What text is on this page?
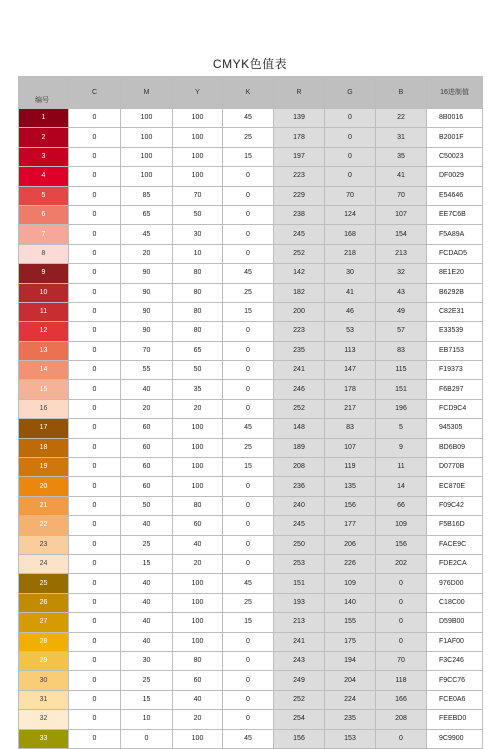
CMYK色值表
编号	C	M	Y	K	R	G	B	16进制值
1	0	100	100	45	139	0	22	8B0016
2	0	100	100	25	178	0	31	B2001F
3	0	100	100	15	197	0	35	C50023
4	0	100	100	0	223	0	41	DF0029
5	0	85	70	0	229	70	70	E54646
6	0	65	50	0	238	124	107	EE7C6B
7	0	45	30	0	245	168	154	F5A89A
8	0	20	10	0	252	218	213	FCDAD5
9	0	90	80	45	142	30	32	8E1E20
10	0	90	80	25	182	41	43	B6292B
11	0	90	80	15	200	46	49	C82E31
12	0	90	80	0	223	53	57	E33539
13	0	70	65	0	235	113	83	EB7153
14	0	55	50	0	241	147	115	F19373
15	0	40	35	0	246	178	151	F6B297
16	0	20	20	0	252	217	196	FCD9C4
17	0	60	100	45	148	83	5	945305
18	0	60	100	25	189	107	9	BD6B09
19	0	60	100	15	208	119	11	D0770B
20	0	60	100	0	236	135	14	EC870E
21	0	50	80	0	240	156	66	F09C42
22	0	40	60	0	245	177	109	F5B16D
23	0	25	40	0	250	206	156	FACE9C
24	0	15	20	0	253	226	202	FDE2CA
25	0	40	100	45	151	109	0	976D00
26	0	40	100	25	193	140	0	C18C00
27	0	40	100	15	213	155	0	D59B00
28	0	40	100	0	241	175	0	F1AF00
29	0	30	80	0	243	194	70	F3C246
30	0	25	60	0	249	204	118	F9CC76
31	0	15	40	0	252	224	166	FCE0A6
32	0	10	20	0	254	235	208	FEEBD0
33	0	0	100	45	156	153	0	9C9900
